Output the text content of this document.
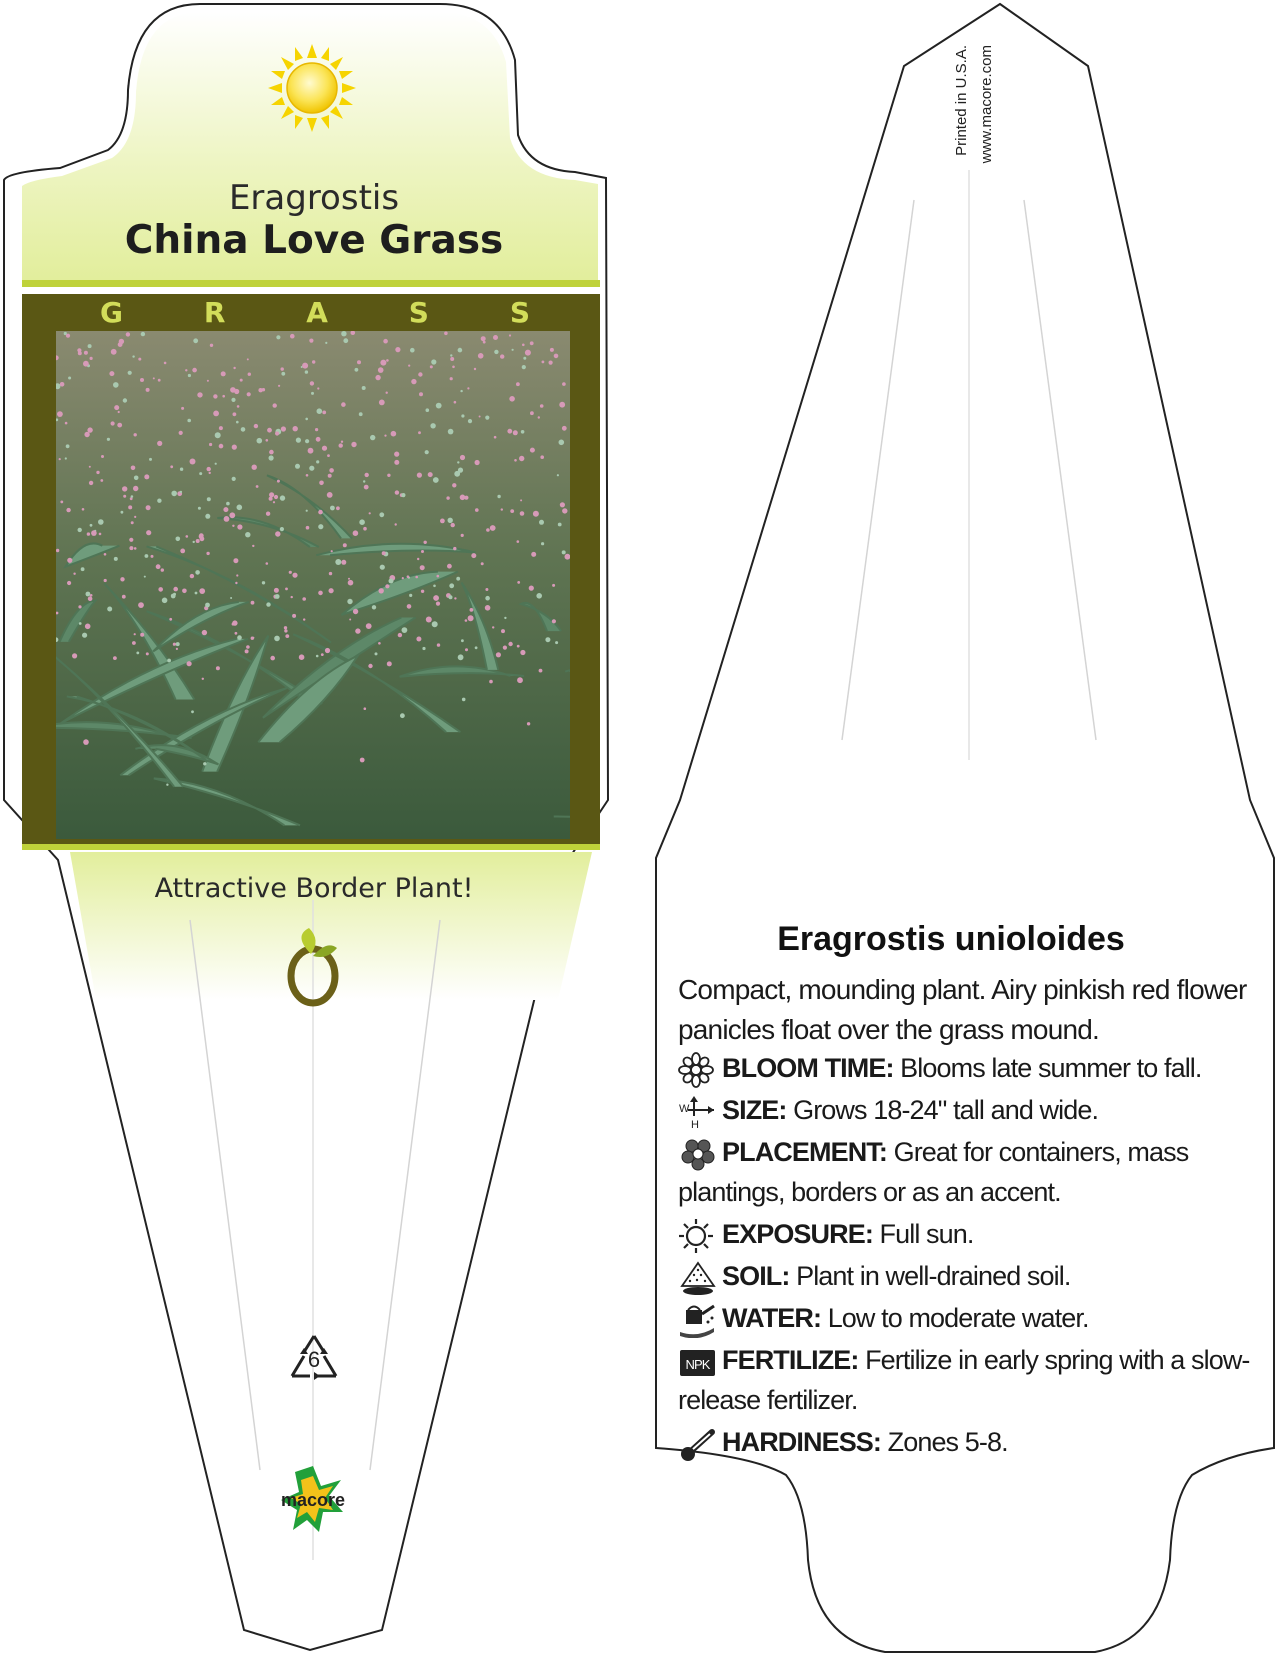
Eragrostis
China Love Grass
G	R	A	S	S
Attractive Border Plant!
6
macore
Printed in U.S.A. www.macore.com
Eragrostis unioloides
Compact, mounding plant. Airy pinkish red flower panicles float over the grass mound.
BLOOM TIME: Blooms late summer to fall.
W
H SIZE: Grows 18-24" tall and wide.
PLACEMENT: Great for containers, mass plantings, borders or as an accent.
EXPOSURE: Full sun.
SOIL: Plant in well-drained soil.
WATER: Low to moderate water.
NPK FERTILIZE: Fertilize in early spring with a slow-release fertilizer.
HARDINESS: Zones 5-8.
